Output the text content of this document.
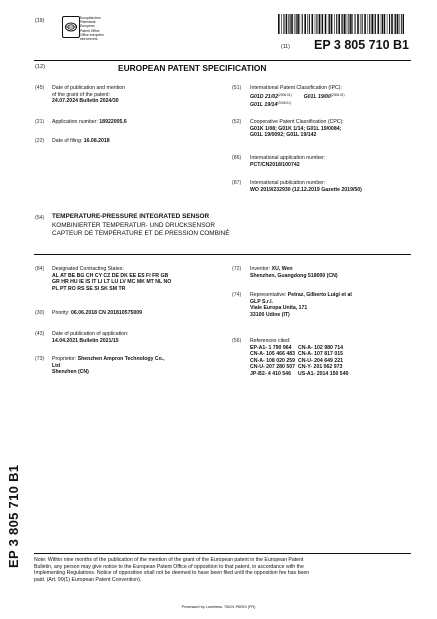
(19)	Europäisches
Patentamt
European
Patent Office
Office européen
des brevets
(11) EP 3 805 710 B1
(12)	EUROPEAN PATENT SPECIFICATION
(45) Date of publication and mention
of the grant of the patent:
24.07.2024 Bulletin 2024/30
(21) Application number: 18922005.6
(22) Date of filing: 16.08.2018
(51) International Patent Classification (IPC):
G01D $21/02^{(2006.01)}$ G01L $19/00^{(2006.01)}$
G01L $19/14^{(2006.01)}$
(52) Cooperative Patent Classification (CPC):
G01K 1/08; G01K 1/14; G01L 19/0084;
G01L 19/0092; G01L 19/142
(86) International application number:
PCT/CN2018/100742
(87) International publication number:
WO 2019/232930 (12.12.2019 Gazette 2019/50)
(54) TEMPERATURE-PRESSURE INTEGRATED SENSOR
KOMBINIERTER TEMPERATUR- UND DRUCKSENSOR
CAPTEUR DE TEMPÉRATURE ET DE PRESSION COMBINÉ
(84) Designated Contracting States:
AL AT BE BG CH CY CZ DE DK EE ES FI FR GB
GR HR HU IE IS IT LI LT LU LV MC MK MT NL NO
PL PT RO RS SE SI SK SM TR
(30) Priority: 06.06.2018 CN 201810575009
(43) Date of publication of application:
14.04.2021 Bulletin 2021/15
(73) Proprietor: Shenzhen Ampron Technology Co.,
Ltd
Shenzhen (CN)
(72) Inventor: XU, Wen
Shenzhen, Guangdong 518000 (CN)
(74) Representative: Petraz, Gilberto Luigi et al
GLP S.r.l.
Viale Europa Unita, 171
33100 Udine (IT)
(56) References cited:
EP-A1- 1 790 964	CN-A- 102 980 714
CN-A- 105 466 483 CN-A- 107 817 015
CN-A- 108 020 259 CN-U- 204 649 221
CN-U- 207 280 507 CN-Y- 201 062 973
JP-B2- 4 410 546	US-A1- 2014 150 540
EP 3 805 710 B1	Note: Within nine months of the publication of the mention of the grant of the European patent in the European Patent
Bulletin, any person may give notice to the European Patent Office of opposition to that patent, in accordance with the
Implementing Regulations. Notice of opposition shall not be deemed to have been filed until the opposition fee has been
paid. (Art. 99(1) European Patent Convention).
Processed by Luminess, 75001 PARIS (FR)
